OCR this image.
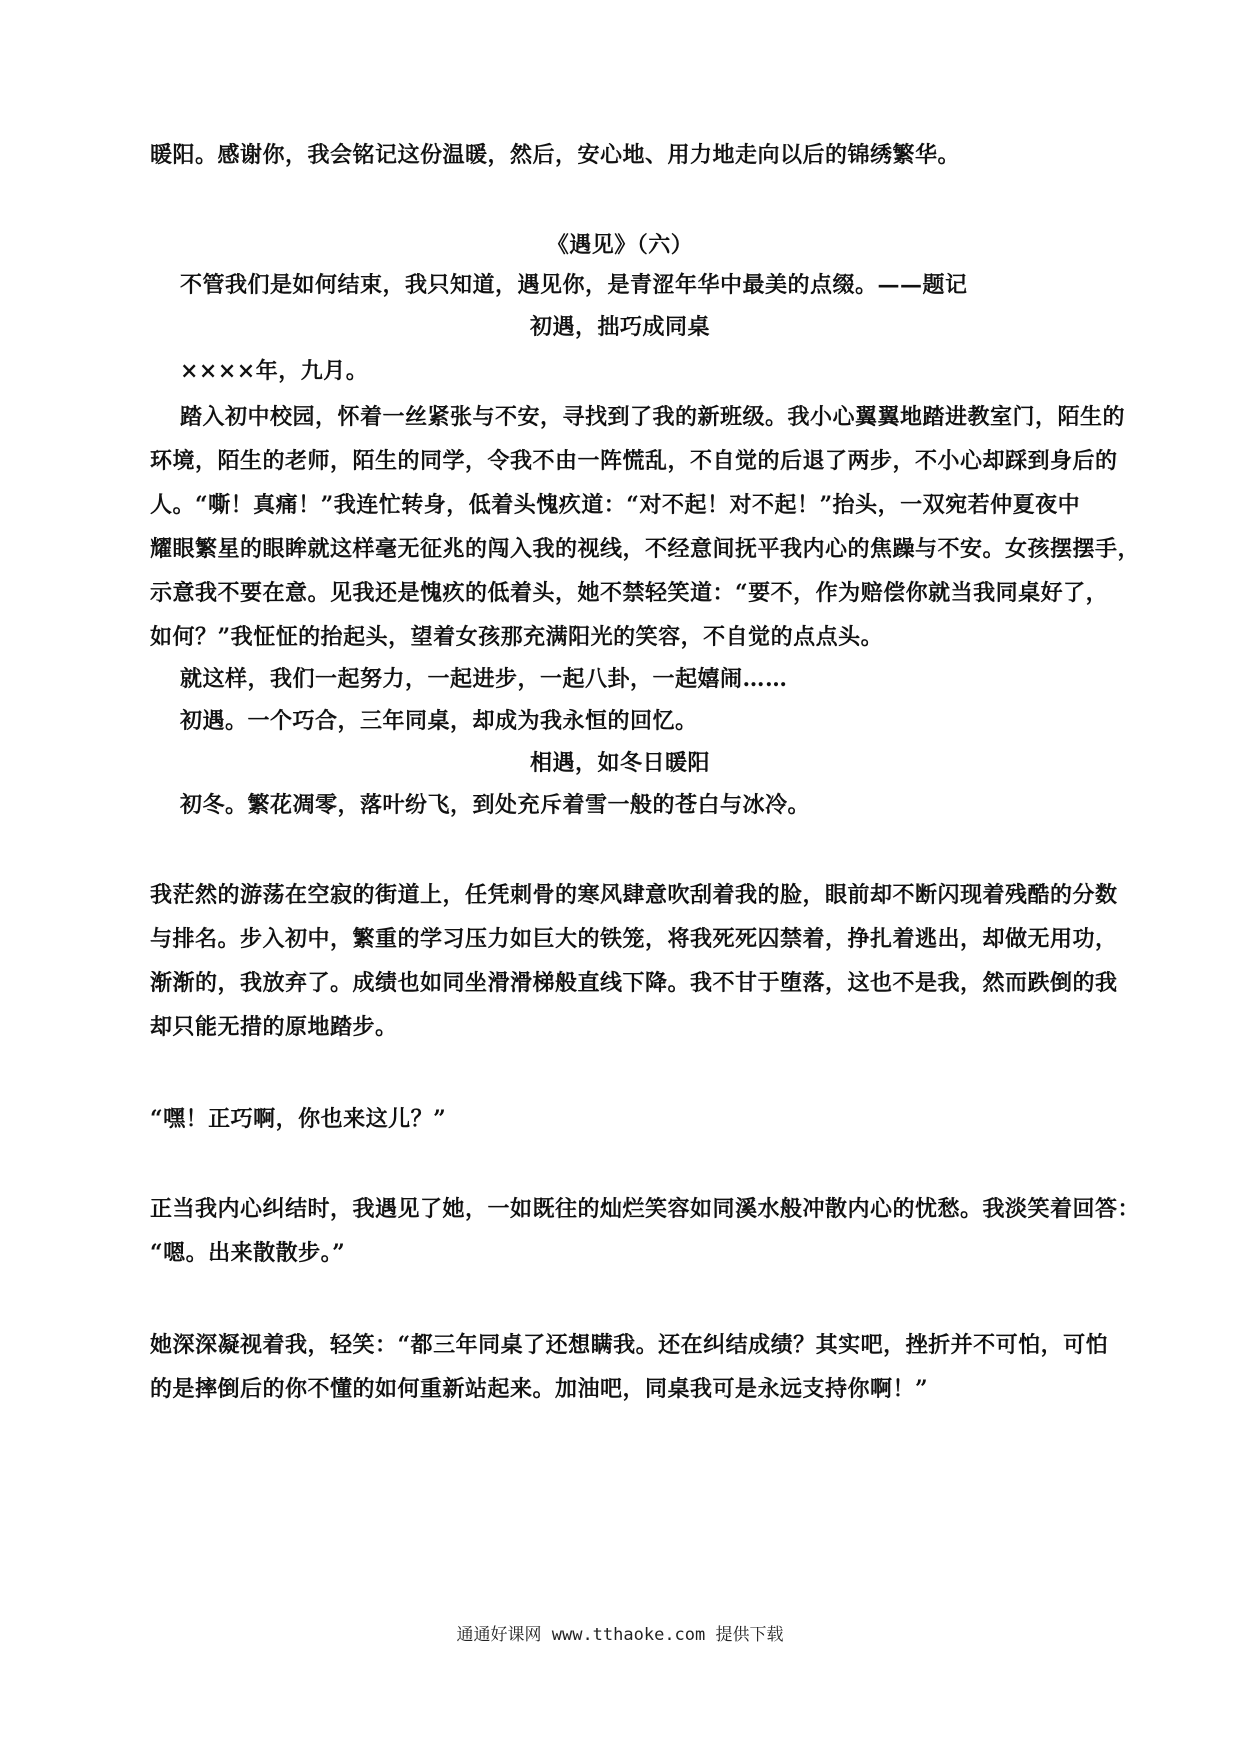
暖阳。感谢你，我会铭记这份温暖，然后，安心地、用力地走向以后的锦绣繁华。
《遇见》（六）
不管我们是如何结束，我只知道，遇见你，是青涩年华中最美的点缀。——题记
初遇，拙巧成同桌
××××年，九月。
踏入初中校园，怀着一丝紧张与不安，寻找到了我的新班级。我小心翼翼地踏进教室门，陌生的
环境，陌生的老师，陌生的同学，令我不由一阵慌乱，不自觉的后退了两步，不小心却踩到身后的
人。“嘶！真痛！”我连忙转身，低着头愧疚道：“对不起！对不起！”抬头，一双宛若仲夏夜中
耀眼繁星的眼眸就这样毫无征兆的闯入我的视线，不经意间抚平我内心的焦躁与不安。女孩摆摆手，
示意我不要在意。见我还是愧疚的低着头，她不禁轻笑道：“要不，作为赔偿你就当我同桌好了，
如何？”我怔怔的抬起头，望着女孩那充满阳光的笑容，不自觉的点点头。
就这样，我们一起努力，一起进步，一起八卦，一起嬉闹……
初遇。一个巧合，三年同桌，却成为我永恒的回忆。
相遇，如冬日暖阳
初冬。繁花凋零，落叶纷飞，到处充斥着雪一般的苍白与冰冷。
我茫然的游荡在空寂的街道上，任凭刺骨的寒风肆意吹刮着我的脸，眼前却不断闪现着残酷的分数
与排名。步入初中，繁重的学习压力如巨大的铁笼，将我死死囚禁着，挣扎着逃出，却做无用功，
渐渐的，我放弃了。成绩也如同坐滑滑梯般直线下降。我不甘于堕落，这也不是我，然而跌倒的我
却只能无措的原地踏步。
“嘿！正巧啊，你也来这儿？”
正当我内心纠结时，我遇见了她，一如既往的灿烂笑容如同溪水般冲散内心的忧愁。我淡笑着回答：
“嗯。出来散散步。”
她深深凝视着我，轻笑：“都三年同桌了还想瞒我。还在纠结成绩？其实吧，挫折并不可怕，可怕
的是摔倒后的你不懂的如何重新站起来。加油吧，同桌我可是永远支持你啊！”
通通好课网 www.tthaoke.com 提供下载
